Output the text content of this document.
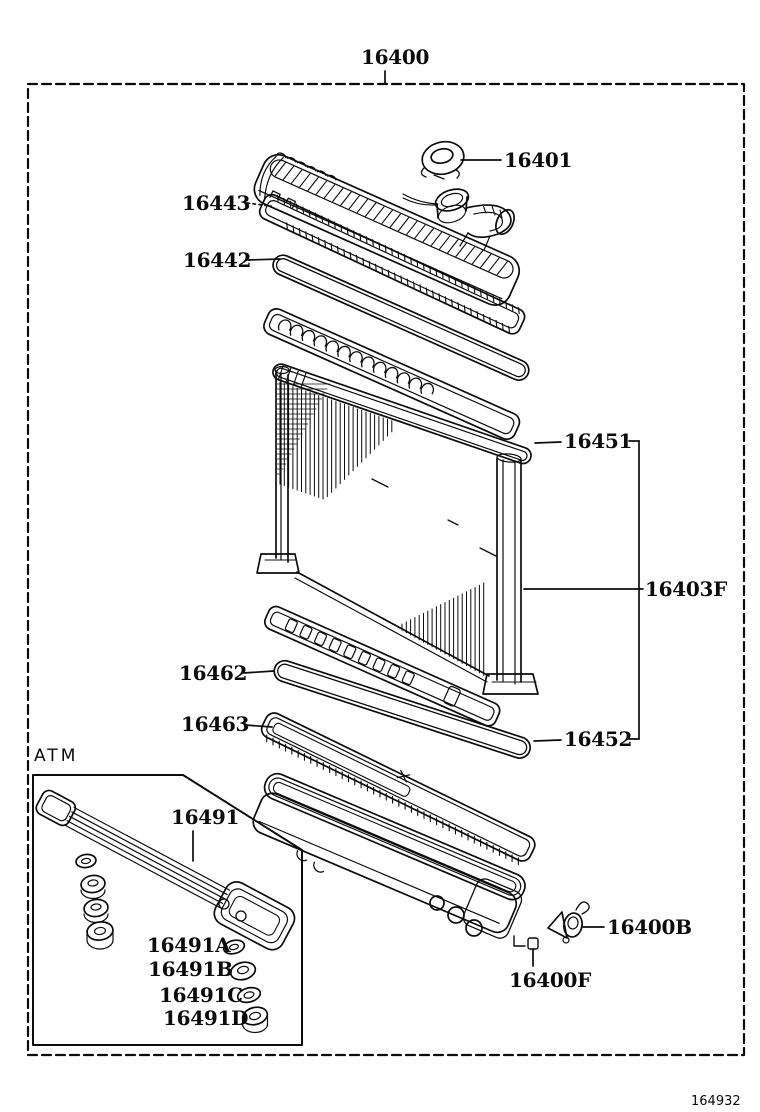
16400
16401
16443
16442
16451
16403F
16452
16462
16463
16400B
16400F
ATM
16491
16491A
16491B
16491C
16491D
164932
